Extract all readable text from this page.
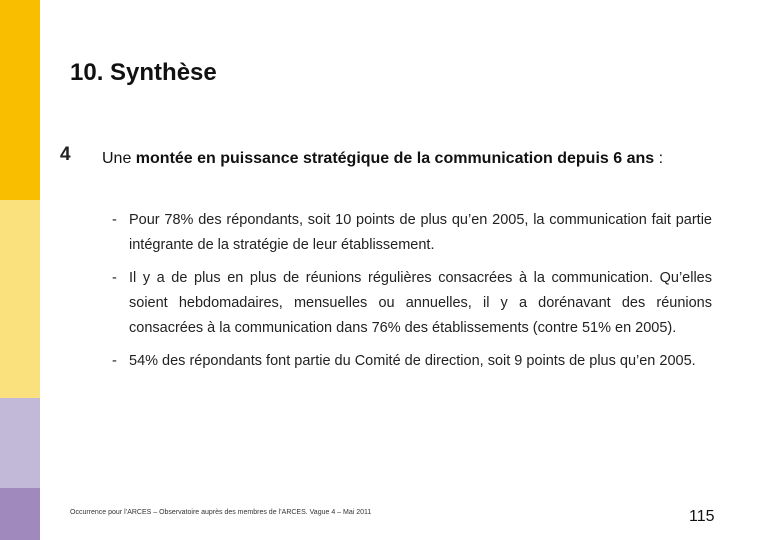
10. Synthèse
4 Une montée en puissance stratégique de la communication depuis 6 ans :
- Pour 78% des répondants, soit 10 points de plus qu’en 2005, la communication fait partie intégrante de la stratégie de leur établissement.
- Il y a de plus en plus de réunions régulières consacrées à la communication. Qu’elles soient hebdomadaires, mensuelles ou annuelles, il y a dorénavant des réunions consacrées à la communication dans 76% des établissements (contre 51% en 2005).
- 54% des répondants font partie du Comité de direction, soit 9 points de plus qu’en 2005.
Occurrence pour l’ARCES – Observatoire auprès des membres de l’ARCES. Vague 4 – Mai 2011	115
